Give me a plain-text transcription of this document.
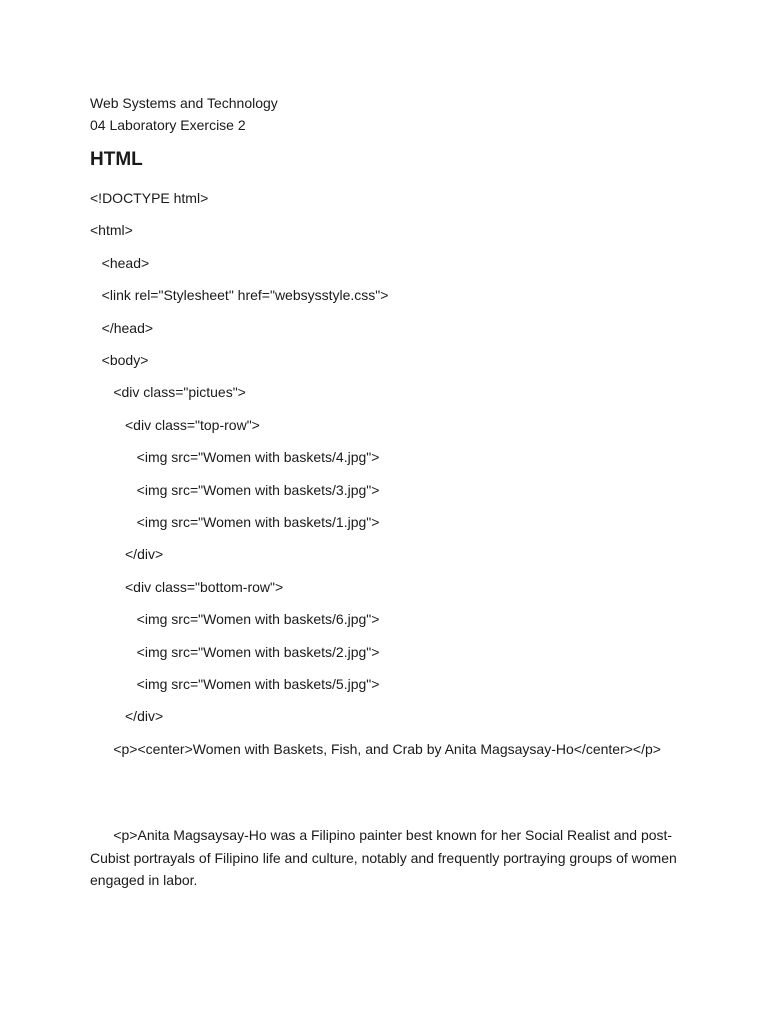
Web Systems and Technology

04 Laboratory Exercise 2

HTML
<!DOCTYPE html>
<html>
<head>
<link rel="Stylesheet" href="websysstyle.css">
</head>
<body>
<div class="pictues">
<div class="top-row">
<img src="Women with baskets/4.jpg">
<img src="Women with baskets/3.jpg">
<img src="Women with baskets/1.jpg">
</div>
<div class="bottom-row">
<img src="Women with baskets/6.jpg">
<img src="Women with baskets/2.jpg">
<img src="Women with baskets/5.jpg">
</div>
<p><center>Women with Baskets, Fish, and Crab by Anita Magsaysay-Ho</center></p>
<p>Anita Magsaysay-Ho was a Filipino painter best known for her Social Realist and post-Cubist portrayals of Filipino life and culture, notably and frequently portraying groups of women engaged in labor.
